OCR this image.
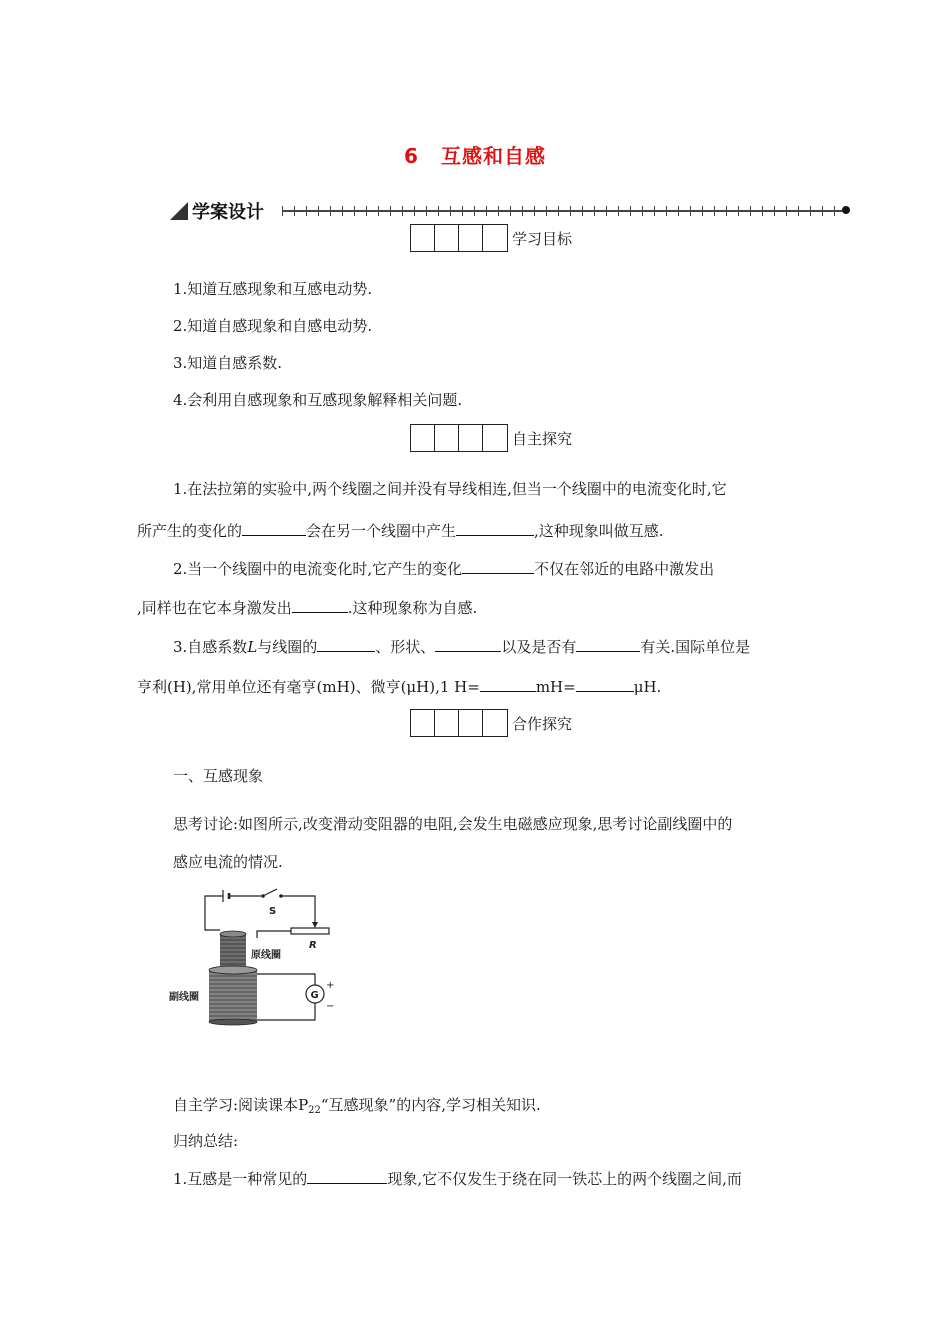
6 互感和自感
学案设计
学习目标
1.知道互感现象和互感电动势.
2.知道自感现象和自感电动势.
3.知道自感系数.
4.会利用自感现象和互感现象解释相关问题.
自主探究
1.在法拉第的实验中,两个线圈之间并没有导线相连,但当一个线圈中的电流变化时,它
所产生的变化的	会在另一个线圈中产生	,这种现象叫做互感.
2.当一个线圈中的电流变化时,它产生的变化	不仅在邻近的电路中激发出
,同样也在它本身激发出	.这种现象称为自感.
3.自感系数L与线圈的	、形状、	以及是否有	有关.国际单位是
亨利(H),常用单位还有毫亨(mH)、微亨(μH),1 H=	mH=	μH.
合作探究
一、互感现象
思考讨论:如图所示,改变滑动变阻器的电阻,会发生电磁感应现象,思考讨论副线圈中的
感应电流的情况.
S
R
原线圈
副线圈	G
+
−
自主学习:阅读课本$P_{22}“$互感现象”的内容,学习相关知识.
归纳总结:
1.互感是一种常见的	现象,它不仅发生于绕在同一铁芯上的两个线圈之间,而
